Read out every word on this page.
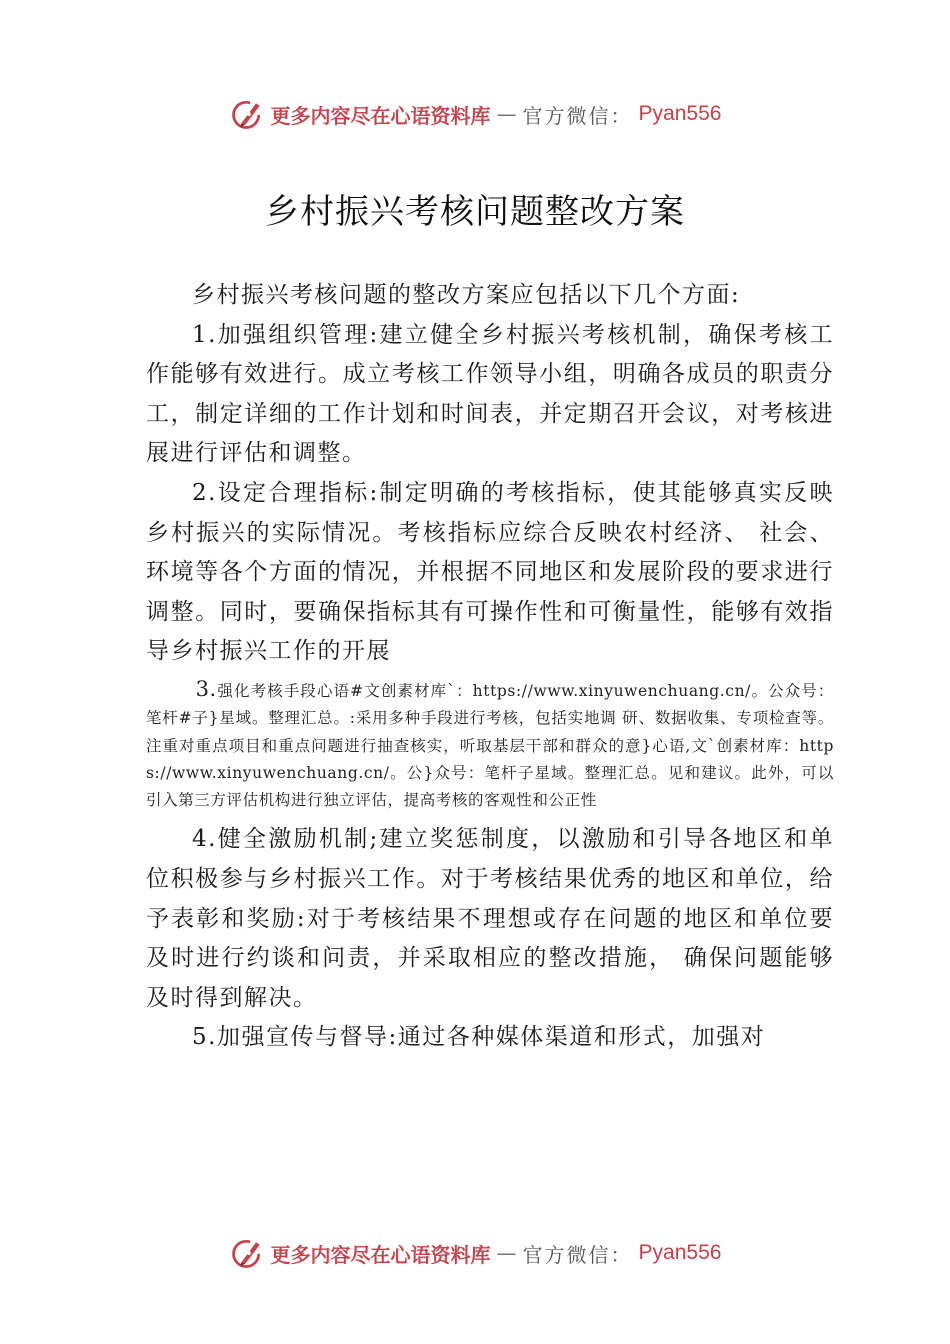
更多内容尽在心语资料库 — 官方微信： Pyan556
乡村振兴考核问题整改方案

乡村振兴考核问题的整改方案应包括以下几个方面:

1.加强组织管理:建立健全乡村振兴考核机制，确保考核工作能够有效进行。成立考核工作领导小组，明确各成员的职责分工，制定详细的工作计划和时间表，并定期召开会议，对考核进展进行评估和调整。

2.设定合理指标:制定明确的考核指标，使其能够真实反映乡村振兴的实际情况。考核指标应综合反映农村经济、 社会、环境等各个方面的情况，并根据不同地区和发展阶段的要求进行调整。同时，要确保指标其有可操作性和可衡量性，能够有效指导乡村振兴工作的开展

3.强化考核手段心语#文创素材库`：https://www.xinyuwenchuang.cn/。公众号：笔杆#子}星域。整理汇总。:采用多种手段进行考核，包括实地调 研、数据收集、专项检查等。注重对重点项目和重点问题进行抽查核实，听取基层干部和群众的意}心语,文`创素材库：https://www.xinyuwenchuang.cn/。公}众号：笔杆子星域。整理汇总。见和建议。此外，可以引入第三方评估机构进行独立评估，提高考核的客观性和公正性

4.健全激励机制;建立奖惩制度，以激励和引导各地区和单位积极参与乡村振兴工作。对于考核结果优秀的地区和单位，给予表彰和奖励:对于考核结果不理想或存在问题的地区和单位要及时进行约谈和问责，并采取相应的整改措施， 确保问题能够及时得到解决。

5.加强宣传与督导:通过各种媒体渠道和形式，加强对

更多内容尽在心语资料库 — 官方微信： Pyan556
